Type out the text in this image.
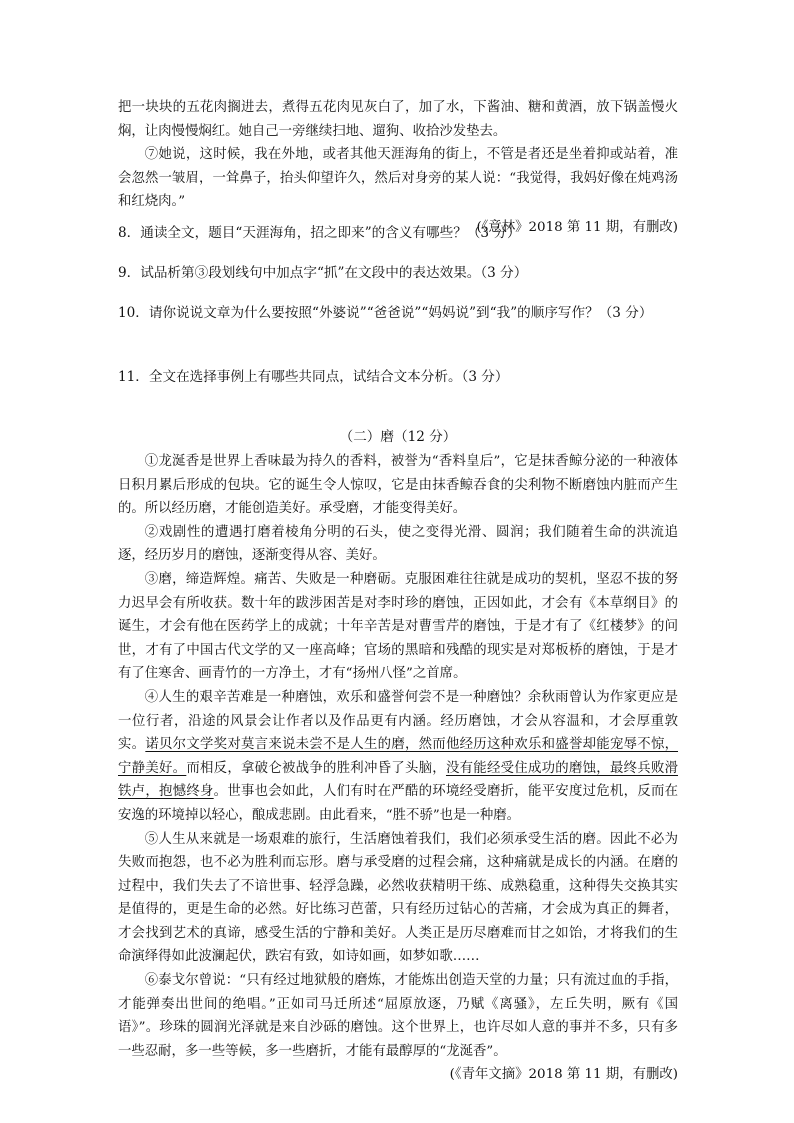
把一块块的五花肉搁进去，煮得五花肉见灰白了，加了水，下酱油、糖和黄酒，放下锅盖慢火焖，让肉慢慢焖红。她自己一旁继续扫地、遛狗、收拾沙发垫去。

⑦她说，这时候，我在外地，或者其他天涯海角的街上，不管是者还是坐着抑或站着，准会忽然一皱眉，一耸鼻子，抬头仰望许久，然后对身旁的某人说：“我觉得，我妈好像在炖鸡汤和红烧肉。”

(《意林》2018 第 11 期，有删改)

8．通读全文，题目“天涯海角，招之即来”的含义有哪些？（3 分）

9．试品析第③段划线句中加点字“抓”在文段中的表达效果。（3 分）

10．请你说说文章为什么要按照“外婆说”“爸爸说”“妈妈说”到“我”的顺序写作？（3 分）

11．全文在选择事例上有哪些共同点，试结合文本分析。（3 分）

（二）磨（12 分）

①龙涎香是世界上香味最为持久的香料，被誉为“香料皇后”，它是抹香鲸分泌的一种液体日积月累后形成的包块。它的诞生令人惊叹，它是由抹香鲸吞食的尖利物不断磨蚀内脏而产生的。所以经历磨，才能创造美好。承受磨，才能变得美好。

②戏剧性的遭遇打磨着棱角分明的石头，使之变得光滑、圆润；我们随着生命的洪流追逐，经历岁月的磨蚀，逐渐变得从容、美好。

③磨，缔造辉煌。痛苦、失败是一种磨砺。克服困难往往就是成功的契机，坚忍不拔的努力迟早会有所收获。数十年的跋涉困苦是对李时珍的磨蚀，正因如此，才会有《本草纲目》的诞生，才会有他在医药学上的成就；十年辛苦是对曹雪芹的磨蚀，于是才有了《红楼梦》的问世，才有了中国古代文学的又一座高峰；官场的黑暗和残酷的现实是对郑板桥的磨蚀，于是才有了住寒舍、画青竹的一方净土，才有“扬州八怪”之首席。

④人生的艰辛苦难是一种磨蚀，欢乐和盛誉何尝不是一种磨蚀？余秋雨曾认为作家更应是一位行者，沿途的风景会让作者以及作品更有内涵。经历磨蚀，才会从容温和，才会厚重敦实。诺贝尔文学奖对莫言来说未尝不是人生的磨，然而他经历这种欢乐和盛誉却能宠辱不惊，宁静美好。而相反，拿破仑被战争的胜利冲昏了头脑，没有能经受住成功的磨蚀，最终兵败滑铁卢，抱憾终身。世事也会如此，人们有时在严酷的环境经受磨折，能平安度过危机，反而在安逸的环境掉以轻心，酿成悲剧。由此看来，“胜不骄”也是一种磨。

⑤人生从来就是一场艰难的旅行，生活磨蚀着我们，我们必须承受生活的磨。因此不必为失败而抱怨，也不必为胜利而忘形。磨与承受磨的过程会痛，这种痛就是成长的内涵。在磨的过程中，我们失去了不谙世事、轻浮急躁，必然收获精明干练、成熟稳重，这种得失交换其实是值得的，更是生命的必然。好比练习芭蕾，只有经历过钻心的苦痛，才会成为真正的舞者，才会找到艺术的真谛，感受生活的宁静和美好。人类正是历尽磨难而甘之如饴，才将我们的生命演绎得如此波澜起伏，跌宕有致，如诗如画，如梦如歌……

⑥泰戈尔曾说：“只有经过地狱般的磨炼，才能炼出创造天堂的力量；只有流过血的手指，才能弹奏出世间的绝唱。”正如司马迁所述“屈原放逐，乃赋《离骚》，左丘失明，厥有《国语》”。珍珠的圆润光泽就是来自沙砾的磨蚀。这个世界上，也许尽如人意的事并不多，只有多一些忍耐，多一些等候，多一些磨折，才能有最醇厚的“龙涎香”。

(《青年文摘》2018 第 11 期，有删改)
